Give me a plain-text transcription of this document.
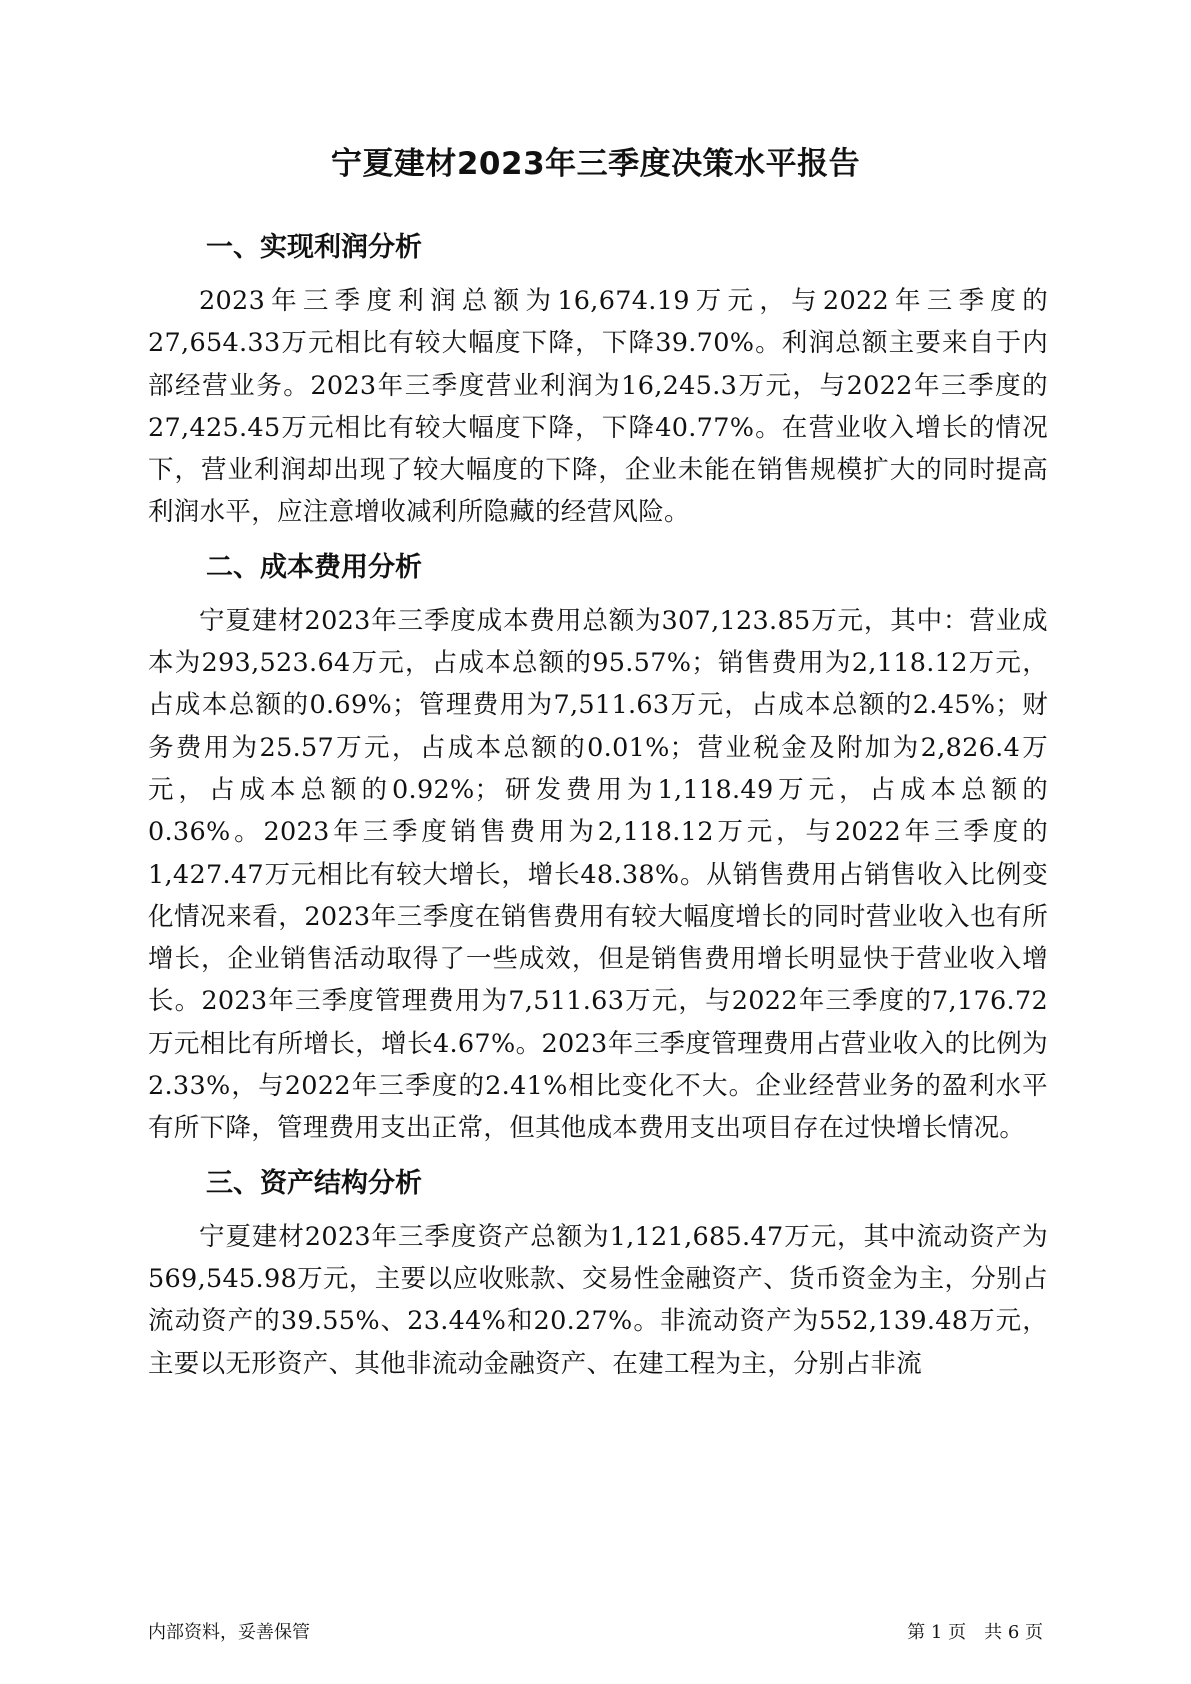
宁夏建材2023年三季度决策水平报告
一、实现利润分析

2023年三季度利润总额为16,674.19万元，与2022年三季度的27,654.33万元相比有较大幅度下降，下降39.70%。利润总额主要来自于内部经营业务。2023年三季度营业利润为16,245.3万元，与2022年三季度的27,425.45万元相比有较大幅度下降，下降40.77%。在营业收入增长的情况下，营业利润却出现了较大幅度的下降，企业未能在销售规模扩大的同时提高利润水平，应注意增收减利所隐藏的经营风险。

二、成本费用分析

宁夏建材2023年三季度成本费用总额为307,123.85万元，其中：营业成本为293,523.64万元，占成本总额的95.57%；销售费用为2,118.12万元，占成本总额的0.69%；管理费用为7,511.63万元，占成本总额的2.45%；财务费用为25.57万元，占成本总额的0.01%；营业税金及附加为2,826.4万元，占成本总额的0.92%；研发费用为1,118.49万元，占成本总额的0.36%。2023年三季度销售费用为2,118.12万元，与2022年三季度的1,427.47万元相比有较大增长，增长48.38%。从销售费用占销售收入比例变化情况来看，2023年三季度在销售费用有较大幅度增长的同时营业收入也有所增长，企业销售活动取得了一些成效，但是销售费用增长明显快于营业收入增长。2023年三季度管理费用为7,511.63万元，与2022年三季度的7,176.72万元相比有所增长，增长4.67%。2023年三季度管理费用占营业收入的比例为2.33%，与2022年三季度的2.41%相比变化不大。企业经营业务的盈利水平有所下降，管理费用支出正常，但其他成本费用支出项目存在过快增长情况。

三、资产结构分析

宁夏建材2023年三季度资产总额为1,121,685.47万元，其中流动资产为569,545.98万元，主要以应收账款、交易性金融资产、货币资金为主，分别占流动资产的39.55%、23.44%和20.27%。非流动资产为552,139.48万元，主要以无形资产、其他非流动金融资产、在建工程为主，分别占非流

内部资料，妥善保管	第 1 页　共 6 页
